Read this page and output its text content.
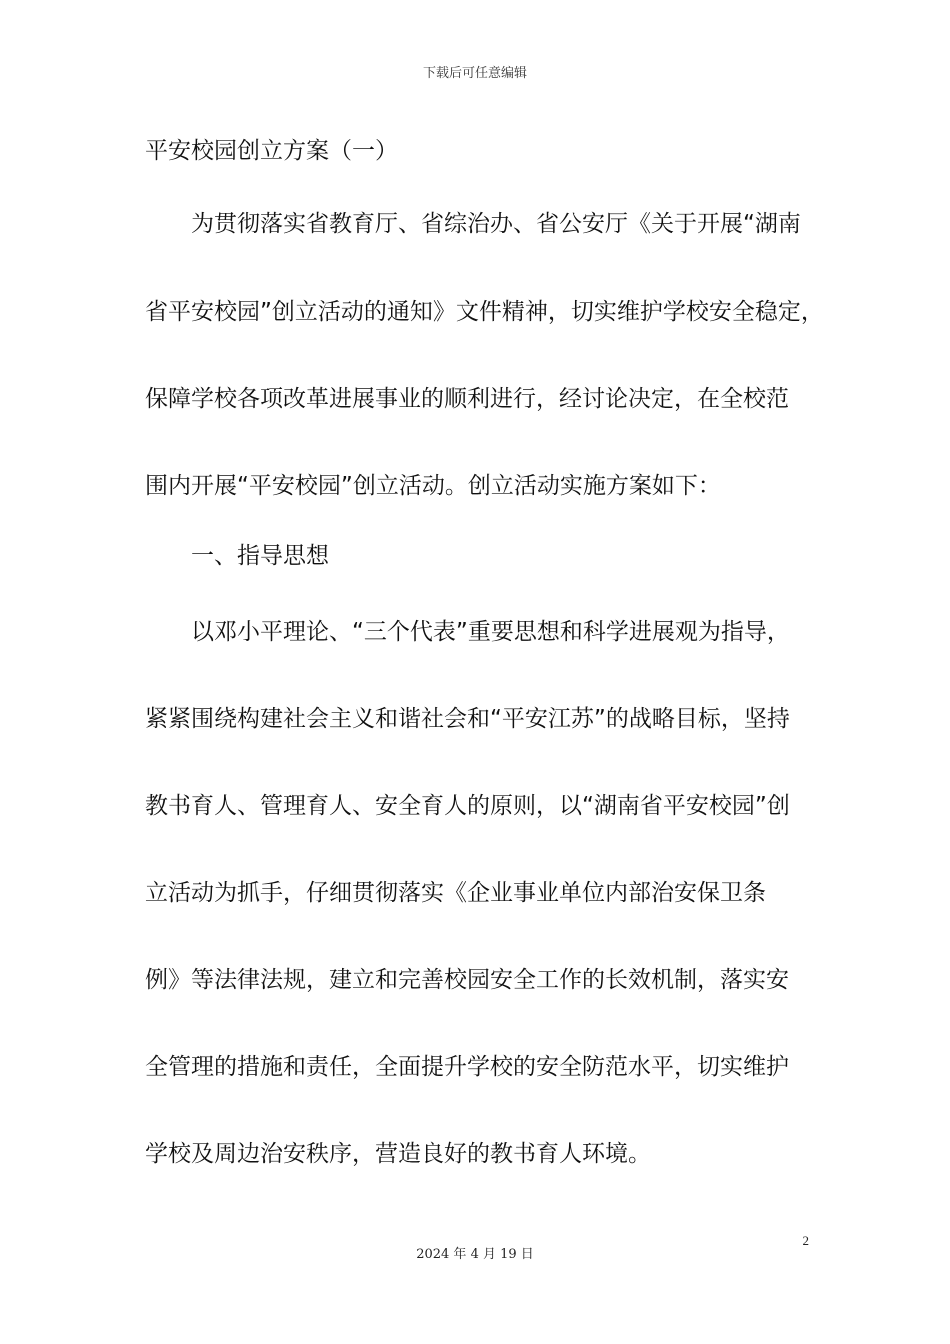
下载后可任意编辑
平安校园创立方案（一）
为贯彻落实省教育厅、省综治办、省公安厅《关于开展“湖南
省平安校园”创立活动的通知》文件精神，切实维护学校安全稳定，
保障学校各项改革进展事业的顺利进行，经讨论决定，在全校范
围内开展“平安校园”创立活动。创立活动实施方案如下：
一、指导思想
以邓小平理论、“三个代表”重要思想和科学进展观为指导，
紧紧围绕构建社会主义和谐社会和“平安江苏”的战略目标，坚持
教书育人、管理育人、安全育人的原则，以“湖南省平安校园”创
立活动为抓手，仔细贯彻落实《企业事业单位内部治安保卫条
例》等法律法规，建立和完善校园安全工作的长效机制，落实安
全管理的措施和责任，全面提升学校的安全防范水平，切实维护
学校及周边治安秩序，营造良好的教书育人环境。
2
2024 年 4 月 19 日
